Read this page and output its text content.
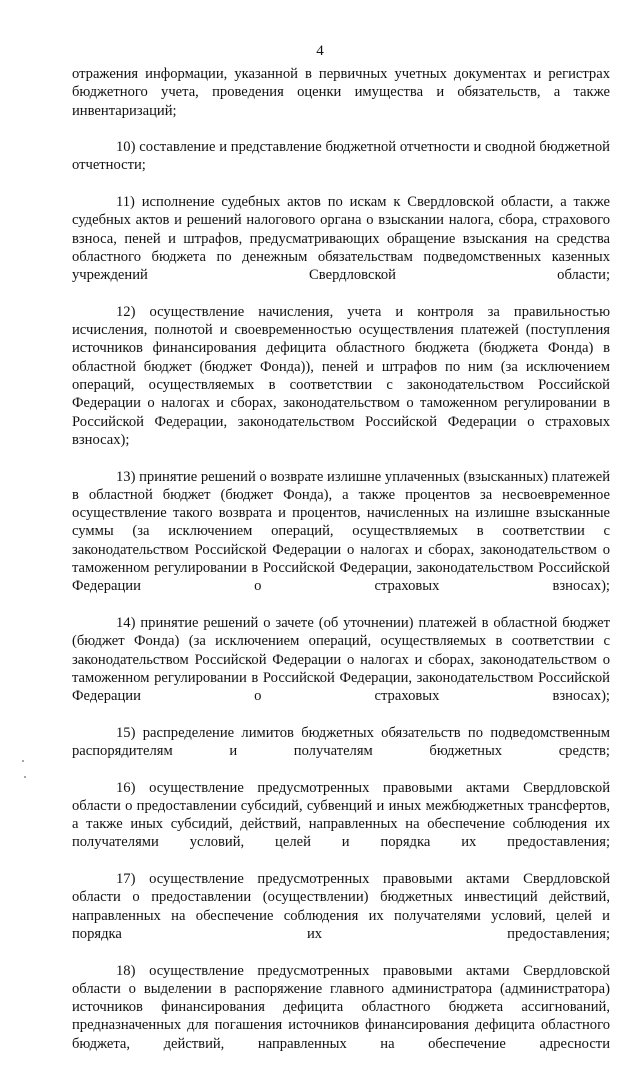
4

отражения информации, указанной в первичных учетных документах и регистрах бюджетного учета, проведения оценки имущества и обязательств, а также инвентаризаций;

10) составление и представление бюджетной отчетности и сводной бюджетной отчетности;

11) исполнение судебных актов по искам к Свердловской области, а также судебных актов и решений налогового органа о взыскании налога, сбора, страхового взноса, пеней и штрафов, предусматривающих обращение взыскания на средства областного бюджета по денежным обязательствам подведомственных казенных учреждений Свердловской области;

12) осуществление начисления, учета и контроля за правильностью исчисления, полнотой и своевременностью осуществления платежей (поступления источников финансирования дефицита областного бюджета (бюджета Фонда) в областной бюджет (бюджет Фонда)), пеней и штрафов по ним (за исключением операций, осуществляемых в соответствии с законодательством Российской Федерации о налогах и сборах, законодательством о таможенном регулировании в Российской Федерации, законодательством Российской Федерации о страховых взносах);

13) принятие решений о возврате излишне уплаченных (взысканных) платежей в областной бюджет (бюджет Фонда), а также процентов за несвоевременное осуществление такого возврата и процентов, начисленных на излишне взысканные суммы (за исключением операций, осуществляемых в соответствии с законодательством Российской Федерации о налогах и сборах, законодательством о таможенном регулировании в Российской Федерации, законодательством Российской Федерации о страховых взносах);

14) принятие решений о зачете (об уточнении) платежей в областной бюджет (бюджет Фонда) (за исключением операций, осуществляемых в соответствии с законодательством Российской Федерации о налогах и сборах, законодательством о таможенном регулировании в Российской Федерации, законодательством Российской Федерации о страховых взносах);

15) распределение лимитов бюджетных обязательств по подведомственным распорядителям и получателям бюджетных средств;

16) осуществление предусмотренных правовыми актами Свердловской области о предоставлении субсидий, субвенций и иных межбюджетных трансфертов, а также иных субсидий, действий, направленных на обеспечение соблюдения их получателями условий, целей и порядка их предоставления;

17) осуществление предусмотренных правовыми актами Свердловской области о предоставлении (осуществлении) бюджетных инвестиций действий, направленных на обеспечение соблюдения их получателями условий, целей и порядка их предоставления;

18) осуществление предусмотренных правовыми актами Свердловской области о выделении в распоряжение главного администратора (администратора) источников финансирования дефицита областного бюджета ассигнований, предназначенных для погашения источников финансирования дефицита областного бюджета, действий, направленных на обеспечение адресности
